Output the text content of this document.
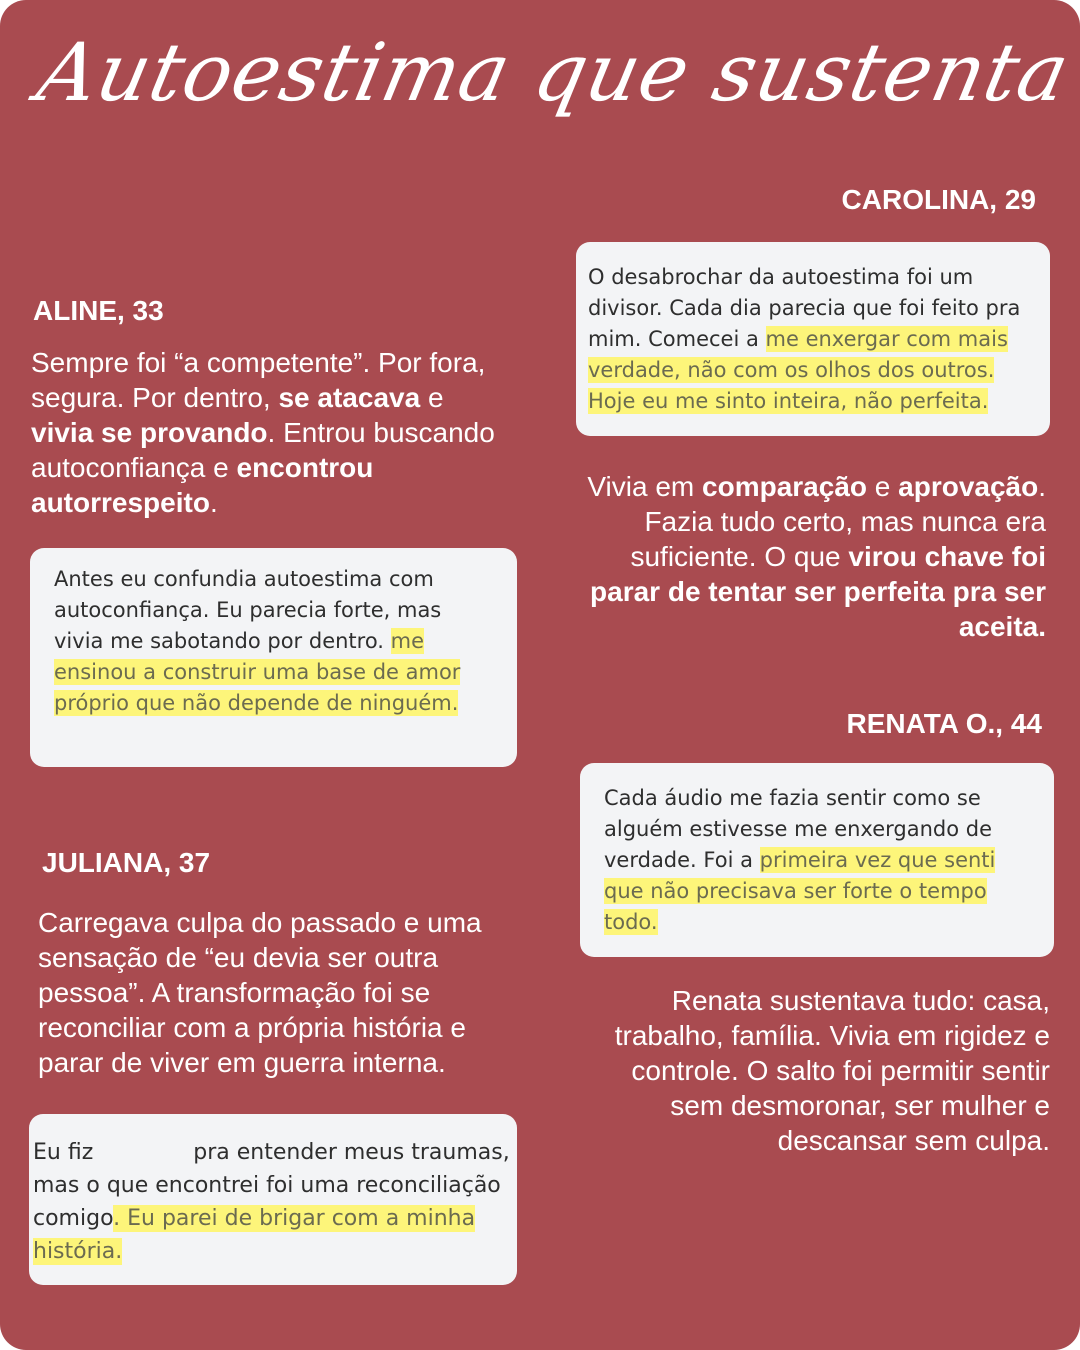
Autoestima que sustenta
ALINE, 33
Sempre foi “a competente”. Por fora, segura. Por dentro, se atacava e vivia se provando. Entrou buscando autoconfiança e encontrou autorrespeito.
Antes eu confundia autoestima com autoconfiança. Eu parecia forte, mas vivia me sabotando por dentro. me ensinou a construir uma base de amor próprio que não depende de ninguém.
CAROLINA, 29
O desabrochar da autoestima foi um divisor. Cada dia parecia que foi feito pra mim. Comecei a me enxergar com mais verdade, não com os olhos dos outros. Hoje eu me sinto inteira, não perfeita.
Vivia em comparação e aprovação. Fazia tudo certo, mas nunca era suficiente. O que virou chave foi parar de tentar ser perfeita pra ser aceita.
JULIANA, 37
Carregava culpa do passado e uma sensação de “eu devia ser outra pessoa”. A transformação foi se reconciliar com a própria história e parar de viver em guerra interna.
Eu fiz	pra entender meus traumas, mas o que encontrei foi uma reconciliação comigo. Eu parei de brigar com a minha história.
RENATA O., 44
Cada áudio me fazia sentir como se alguém estivesse me enxergando de verdade. Foi a primeira vez que senti que não precisava ser forte o tempo todo.
Renata sustentava tudo: casa, trabalho, família. Vivia em rigidez e controle. O salto foi permitir sentir sem desmoronar, ser mulher e descansar sem culpa.
